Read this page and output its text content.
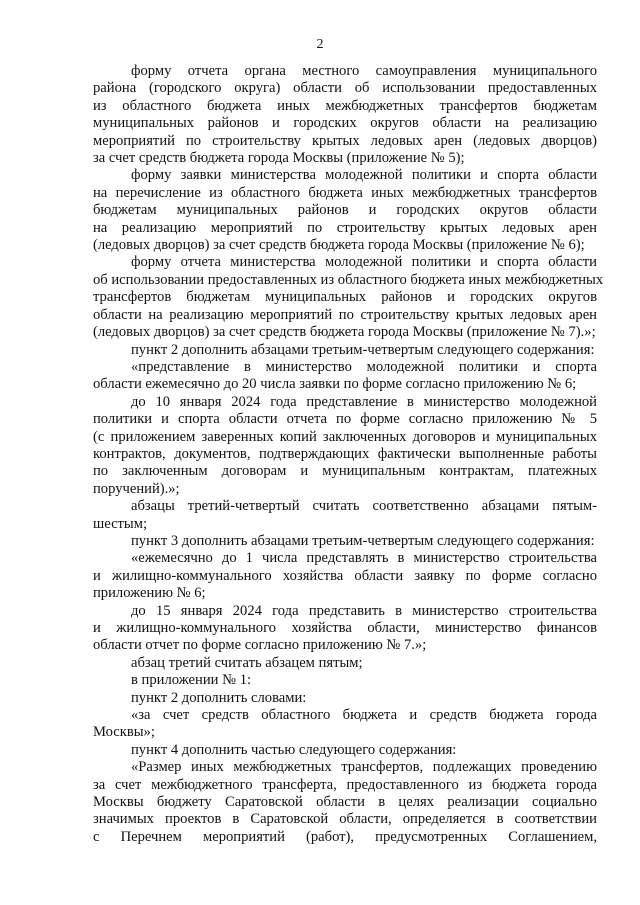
2

форму отчета органа местного самоуправления муниципального
района (городского округа) области об использовании предоставленных
из областного бюджета иных межбюджетных трансфертов бюджетам
муниципальных районов и городских округов области на реализацию
мероприятий по строительству крытых ледовых арен (ледовых дворцов)
за счет средств бюджета города Москвы (приложение № 5);

форму заявки министерства молодежной политики и спорта области
на перечисление из областного бюджета иных межбюджетных трансфертов
бюджетам муниципальных районов и городских округов области
на реализацию мероприятий по строительству крытых ледовых арен
(ледовых дворцов) за счет средств бюджета города Москвы (приложение № 6);

форму отчета министерства молодежной политики и спорта области
об использовании предоставленных из областного бюджета иных межбюджетных
трансфертов бюджетам муниципальных районов и городских округов
области на реализацию мероприятий по строительству крытых ледовых арен
(ледовых дворцов) за счет средств бюджета города Москвы (приложение № 7).»;

пункт 2 дополнить абзацами третьим-четвертым следующего содержания:

«представление в министерство молодежной политики и спорта
области ежемесячно до 20 числа заявки по форме согласно приложению № 6;

до 10 января 2024 года представление в министерство молодежной
политики и спорта области отчета по форме согласно приложению № 5
(с приложением заверенных копий заключенных договоров и муниципальных
контрактов, документов, подтверждающих фактически выполненные работы
по заключенным договорам и муниципальным контрактам, платежных
поручений).»;

абзацы третий-четвертый считать соответственно абзацами пятым-
шестым;

пункт 3 дополнить абзацами третьим-четвертым следующего содержания:

«ежемесячно до 1 числа представлять в министерство строительства
и жилищно-коммунального хозяйства области заявку по форме согласно
приложению № 6;

до 15 января 2024 года представить в министерство строительства
и жилищно-коммунального хозяйства области, министерство финансов
области отчет по форме согласно приложению № 7.»;

абзац третий считать абзацем пятым;

в приложении № 1:

пункт 2 дополнить словами:

«за счет средств областного бюджета и средств бюджета города
Москвы»;

пункт 4 дополнить частью следующего содержания:

«Размер иных межбюджетных трансфертов, подлежащих проведению
за счет межбюджетного трансферта, предоставленного из бюджета города
Москвы бюджету Саратовской области в целях реализации социально
значимых проектов в Саратовской области, определяется в соответствии
с Перечнем мероприятий (работ), предусмотренных Соглашением,
